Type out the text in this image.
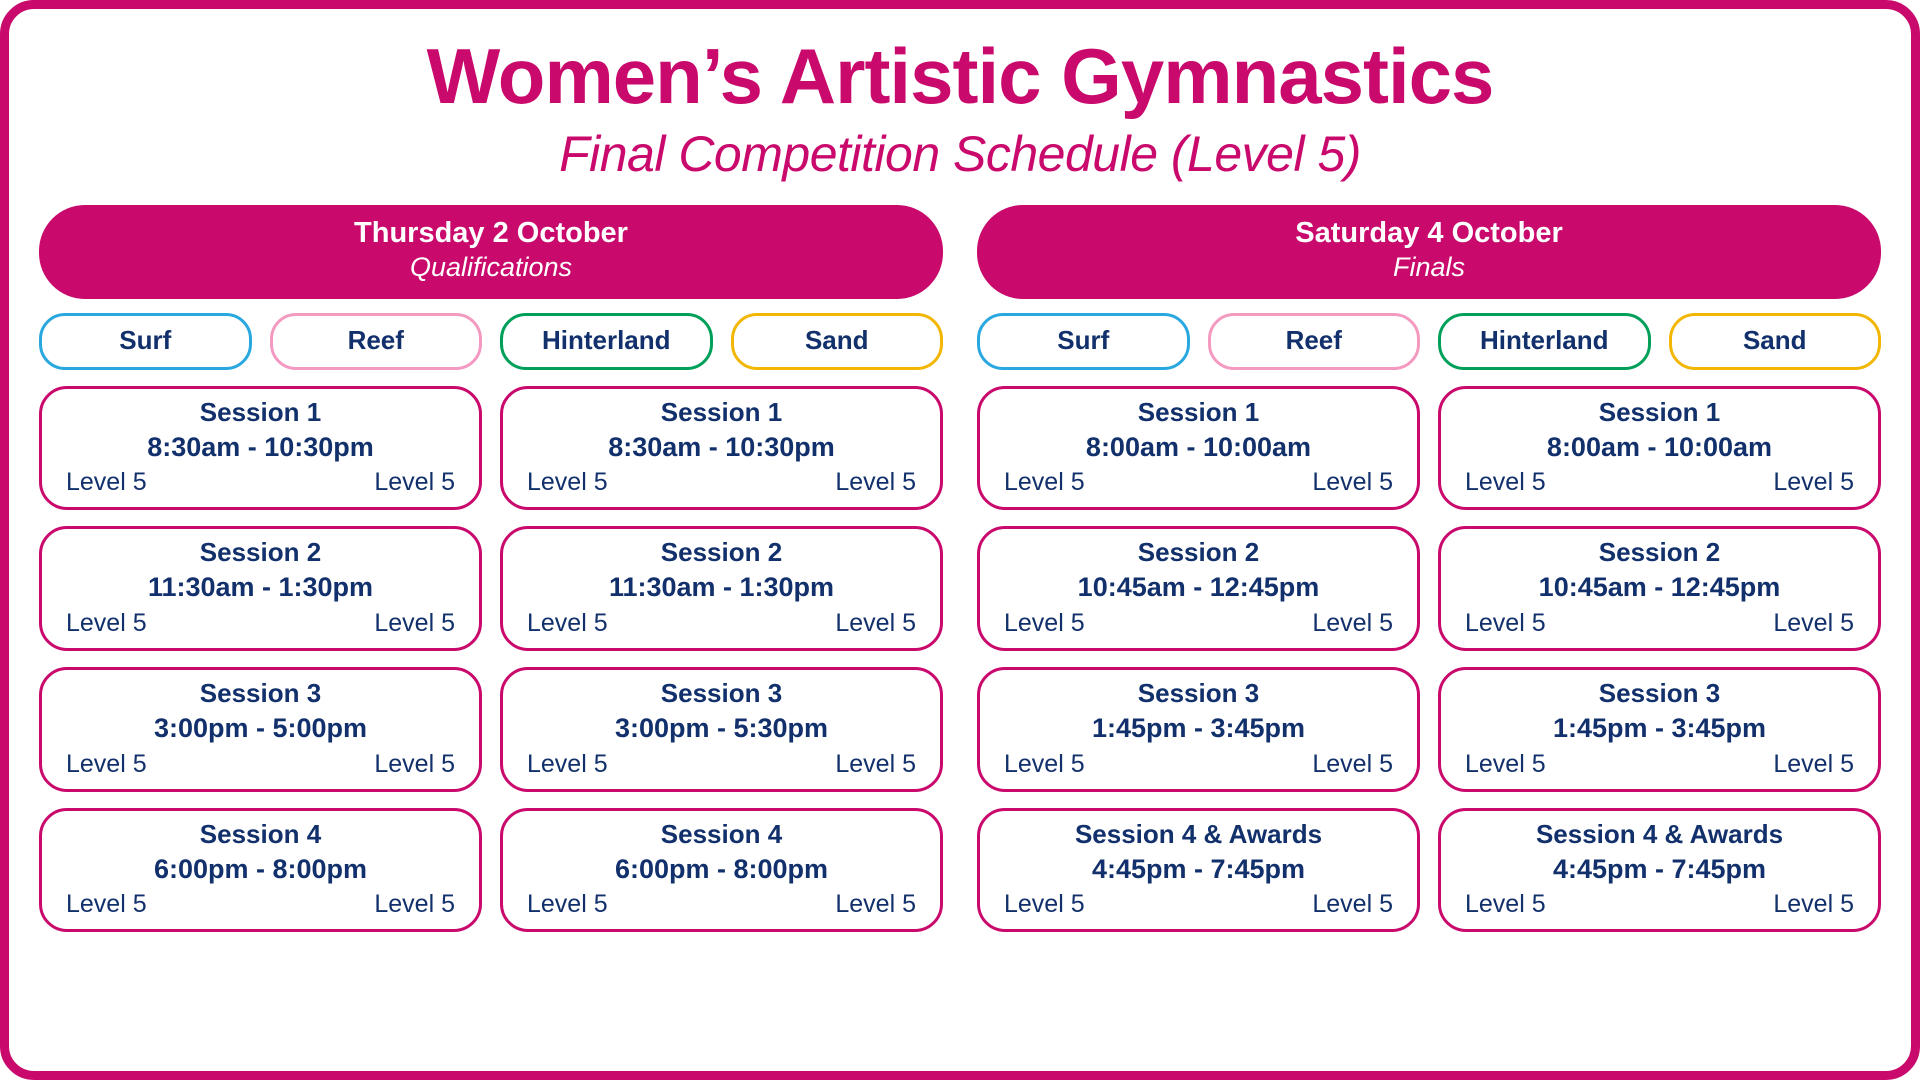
Women’s Artistic Gymnastics
Final Competition Schedule (Level 5)
Thursday 2 October
Qualifications
Surf	Reef	Hinterland	Sand
Session 1
8:30am - 10:30pm
Level 5	Level 5
Session 1
8:30am - 10:30pm
Level 5	Level 5
Session 2
11:30am - 1:30pm
Level 5	Level 5
Session 2
11:30am - 1:30pm
Level 5	Level 5
Session 3
3:00pm - 5:00pm
Level 5	Level 5
Session 3
3:00pm - 5:30pm
Level 5	Level 5
Session 4
6:00pm - 8:00pm
Level 5	Level 5
Session 4
6:00pm - 8:00pm
Level 5	Level 5
Saturday 4 October
Finals
Surf	Reef	Hinterland	Sand
Session 1
8:00am - 10:00am
Level 5	Level 5
Session 1
8:00am - 10:00am
Level 5	Level 5
Session 2
10:45am - 12:45pm
Level 5	Level 5
Session 2
10:45am - 12:45pm
Level 5	Level 5
Session 3
1:45pm - 3:45pm
Level 5	Level 5
Session 3
1:45pm - 3:45pm
Level 5	Level 5
Session 4 & Awards
4:45pm - 7:45pm
Level 5	Level 5
Session 4 & Awards
4:45pm - 7:45pm
Level 5	Level 5
